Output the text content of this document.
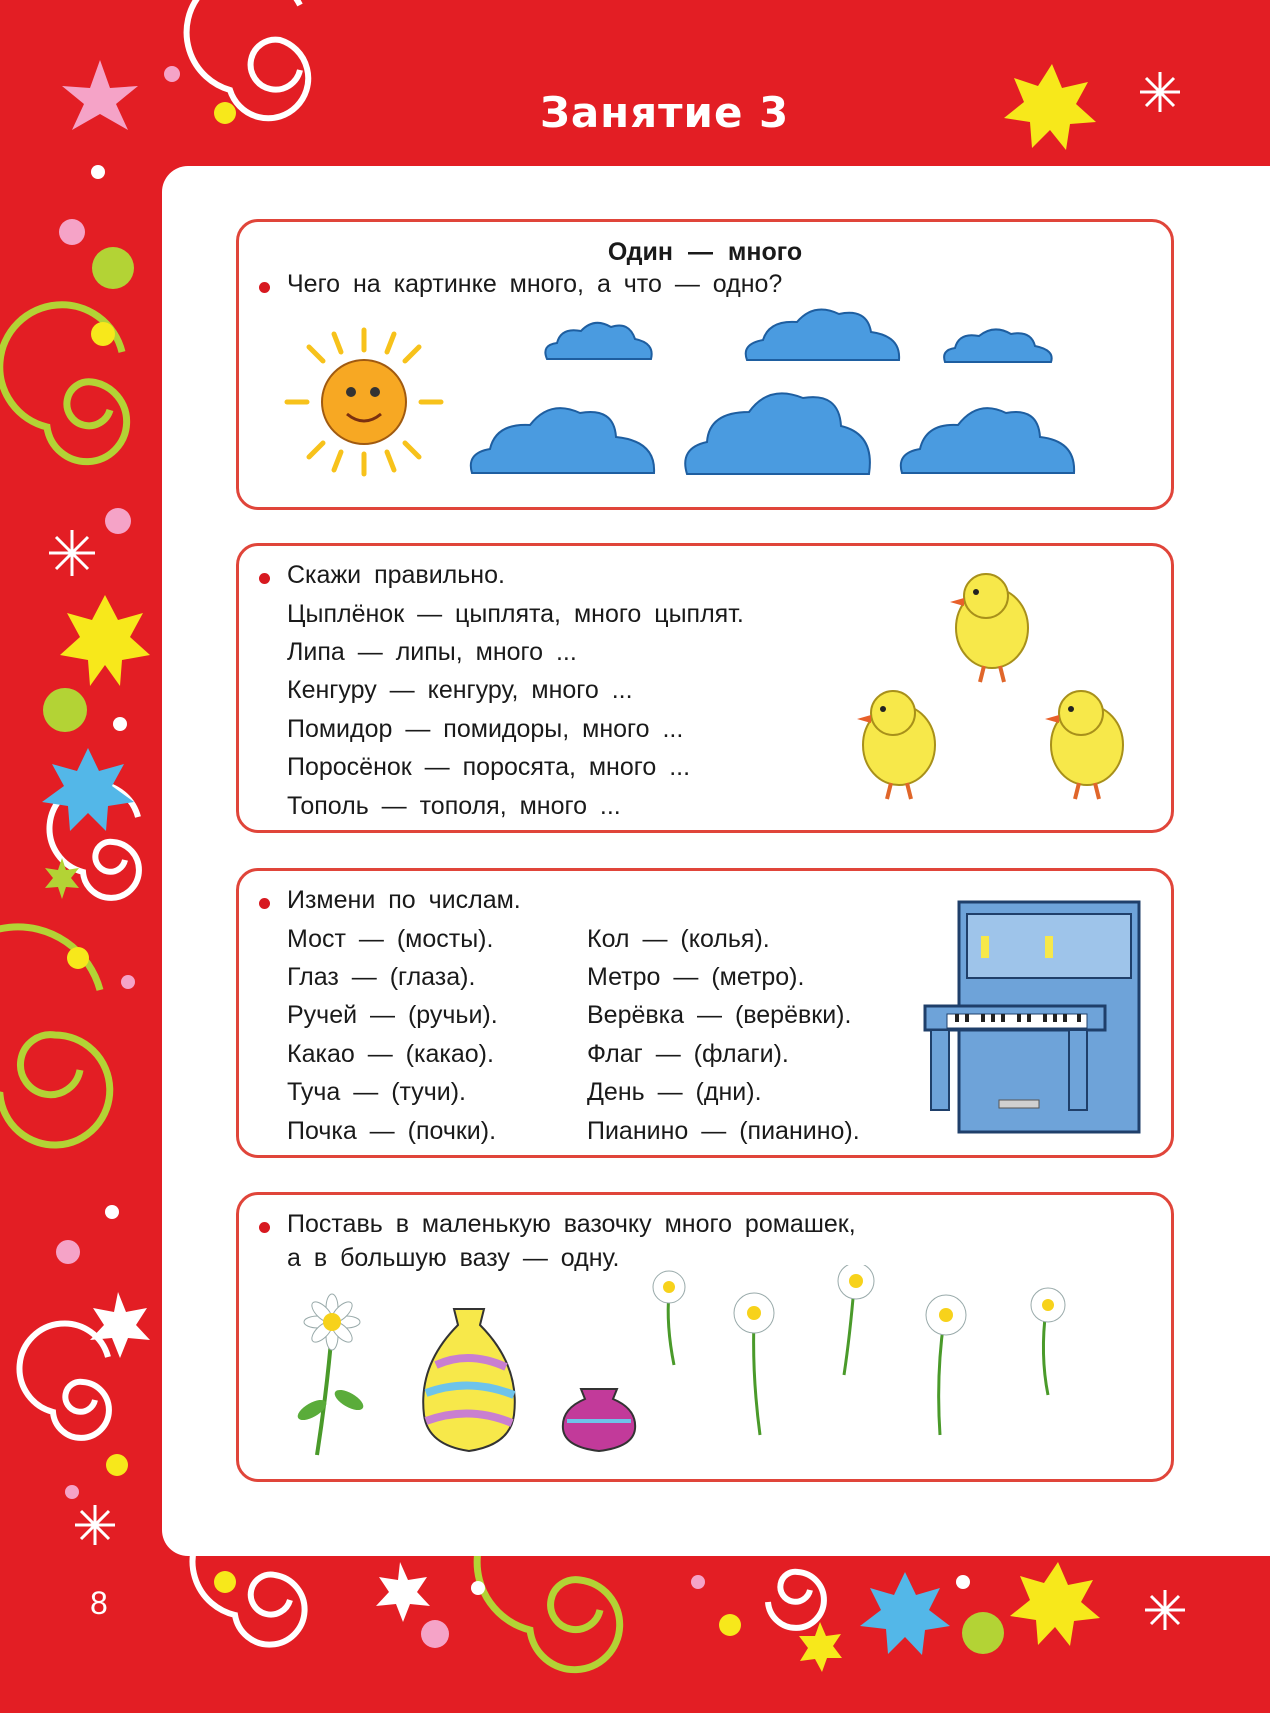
Занятие 3
Один — много
Чего на картинке много, а что — одно?
Скажи правильно.
Цыплёнок — цыплята, много цыплят.
Липа — липы, много ...
Кенгуру — кенгуру, много ...
Помидор — помидоры, много ...
Поросёнок — поросята, много ...
Тополь — тополя, много ...
Измени по числам.
Мост — (мосты).
Глаз — (глаза).
Ручей — (ручьи).
Какао — (какао).
Туча — (тучи).
Почка — (почки).
Кол — (колья).
Метро — (метро).
Верёвка — (верёвки).
Флаг — (флаги).
День — (дни).
Пианино — (пианино).
Поставь в маленькую вазочку много ромашек,
а в большую вазу — одну.
8
